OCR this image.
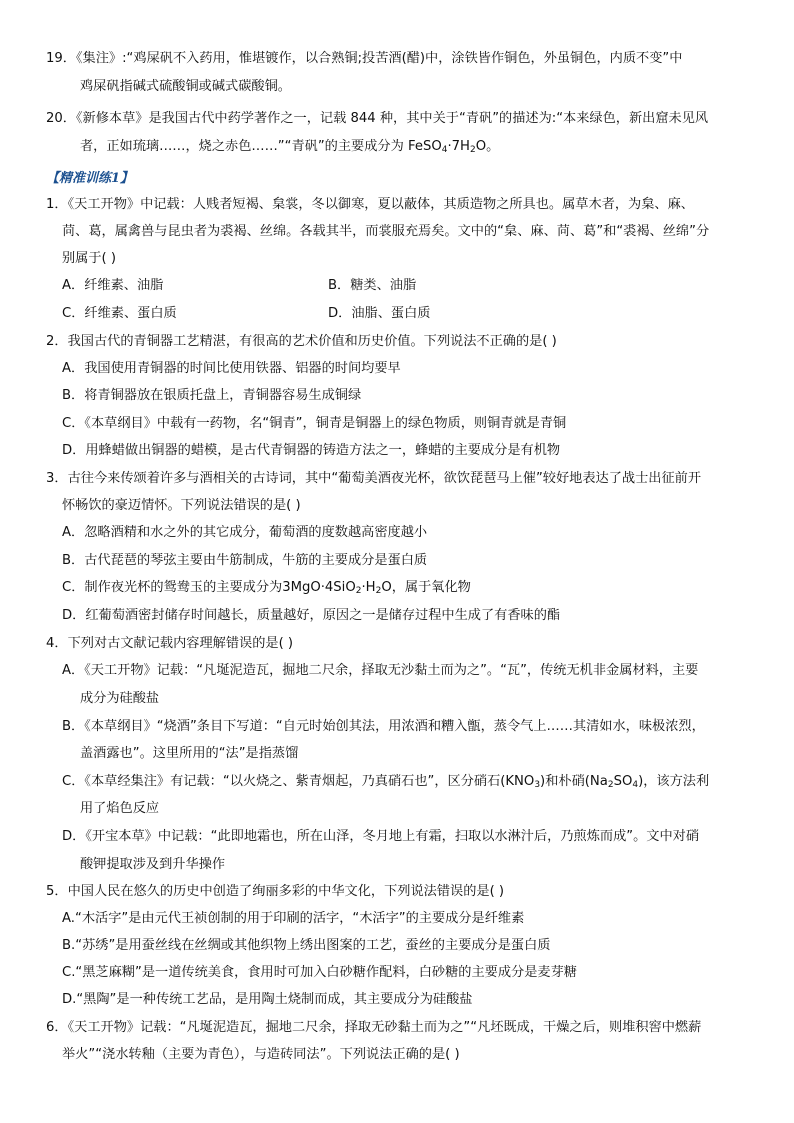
19．《集注》:“鸡屎矾不入药用，惟堪镀作，以合熟铜;投苦酒(醋)中，涂铁皆作铜色，外虽铜色，内质不变”中
鸡屎矾指碱式硫酸铜或碱式碳酸铜。
20．《新修本草》是我国古代中药学著作之一，记载 844 种，其中关于“青矾”的描述为:“本来绿色，新出窟未见风
者，正如琉璃……，烧之赤色……”“青矾”的主要成分为 $FeSO_4\cdot 7H_2O$。
【精准训练1】
1．《天工开物》中记载：人贱者短褐、枲裳，冬以御寒，夏以蔽体，其质造物之所具也。属草木者，为枲、麻、
苘、葛，属禽兽与昆虫者为裘褐、丝绵。各载其半，而裳服充焉矣。文中的“枲、麻、苘、葛”和“裘褐、丝绵”分
别属于( )
A．纤维素、油脂	B．糖类、油脂
C．纤维素、蛋白质	D．油脂、蛋白质
2．我国古代的青铜器工艺精湛，有很高的艺术价值和历史价值。下列说法不正确的是( )
A．我国使用青铜器的时间比使用铁器、铝器的时间均要早
B．将青铜器放在银质托盘上，青铜器容易生成铜绿
C．《本草纲目》中载有一药物，名“铜青”，铜青是铜器上的绿色物质，则铜青就是青铜
D．用蜂蜡做出铜器的蜡模，是古代青铜器的铸造方法之一，蜂蜡的主要成分是有机物
3．古往今来传颂着许多与酒相关的古诗词，其中“葡萄美酒夜光杯，欲饮琵琶马上催”较好地表达了战士出征前开
怀畅饮的豪迈情怀。下列说法错误的是( )
A．忽略酒精和水之外的其它成分，葡萄酒的度数越高密度越小
B．古代琵琶的琴弦主要由牛筋制成，牛筋的主要成分是蛋白质
C．制作夜光杯的鸳鸯玉的主要成分为$3MgO\cdot 4SiO_2\cdot H_2O$，属于氧化物
D．红葡萄酒密封储存时间越长，质量越好，原因之一是储存过程中生成了有香味的酯
4．下列对古文献记载内容理解错误的是( )
A．《天工开物》记载：“凡埏泥造瓦，掘地二尺余，择取无沙黏土而为之”。“瓦”，传统无机非金属材料，主要
成分为硅酸盐
B．《本草纲目》“烧酒”条目下写道：“自元时始创其法，用浓酒和糟入甑，蒸令气上……其清如水，味极浓烈，
盖酒露也”。这里所用的“法”是指蒸馏
C．《本草经集注》有记载：“以火烧之、紫青烟起，乃真硝石也”，区分硝石$(KNO_3)$和朴硝$(Na_2SO_4)$，该方法利
用了焰色反应
D．《开宝本草》中记载：“此即地霜也，所在山泽，冬月地上有霜，扫取以水淋汁后，乃煎炼而成”。文中对硝
酸钾提取涉及到升华操作
5．中国人民在悠久的历史中创造了绚丽多彩的中华文化，下列说法错误的是( )
A.“木活字”是由元代王祯创制的用于印刷的活字，“木活字”的主要成分是纤维素
B.“苏绣”是用蚕丝线在丝绸或其他织物上绣出图案的工艺，蚕丝的主要成分是蛋白质
C.“黑芝麻糊”是一道传统美食，食用时可加入白砂糖作配料，白砂糖的主要成分是麦芽糖
D.“黑陶”是一种传统工艺品，是用陶土烧制而成，其主要成分为硅酸盐
6．《天工开物》记载：“凡埏泥造瓦，掘地二尺余，择取无砂黏土而为之”“凡坯既成，干燥之后，则堆积窖中燃薪
举火”“浇水转釉（主要为青色），与造砖同法”。下列说法正确的是( )
